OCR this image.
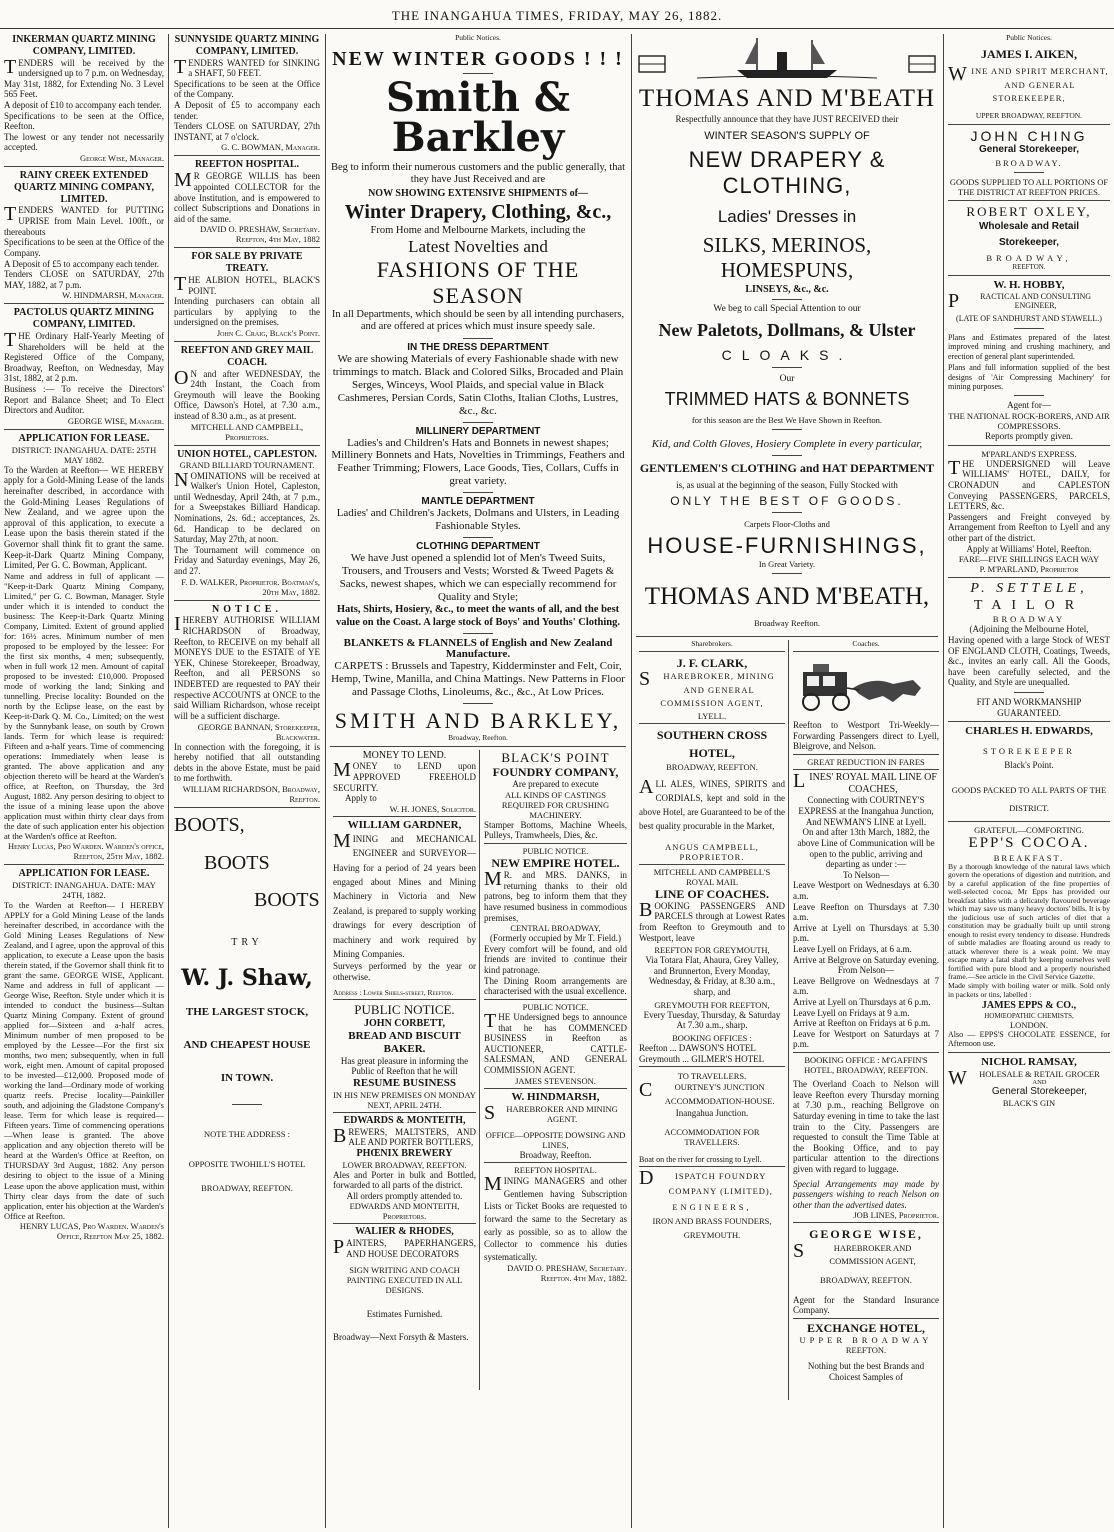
THE INANGAHUA TIMES, FRIDAY, MAY 26, 1882.
INKERMAN QUARTZ MINING COMPANY, LIMITED.
TENDERS will be received by the undersigned up to 7 p.m. on Wednesday, May 31st, 1882, for Extending No. 3 Level 565 Feet.
A deposit of £10 to accompany each tender.
Specifications to be seen at the Office, Reefton.
The lowest or any tender not necessarily accepted.
George Wise, Manager.
RAINY CREEK EXTENDED QUARTZ MINING COMPANY, LIMITED.
TENDERS WANTED for PUTTING UPRISE from Main Level. 100ft., or thereabouts
Specifications to be seen at the Office of the Company.
A Deposit of £5 to accompany each tender.
Tenders CLOSE on SATURDAY, 27th MAY, 1882, at 7 p.m.
W. HINDMARSH, Manager.
PACTOLUS QUARTZ MINING COMPANY, LIMITED.
THE Ordinary Half-Yearly Meeting of Shareholders will be held at the Registered Office of the Company, Broadway, Reefton, on Wednesday, May 31st, 1882, at 2 p.m.
Business :— To receive the Directors' Report and Balance Sheet; and To Elect Directors and Auditor.
GEORGE WISE, Manager.
APPLICATION FOR LEASE.
DISTRICT: INANGAHUA. DATE: 25TH MAY 1882.
To the Warden at Reefton— WE HEREBY apply for a Gold-Mining Lease of the lands hereinafter described, in accordance with the Gold-Mining Leases Regulations of New Zealand, and we agree upon the approval of this application, to execute a Lease upon the basis therein stated if the Governor shall think fit to grant the same. Keep-it-Dark Quartz Mining Company, Limited, Per G. C. Bowman, Applicant.
Name and address in full of applicant — "Keep-it-Dark Quartz Mining Company, Limited," per G. C. Bowman, Manager. Style under which it is intended to conduct the business: The Keep-it-Dark Quartz Mining Company, Limited. Extent of ground applied for: 16½ acres. Minimum number of men proposed to be employed by the lessee: For the first six months, 4 men; subsequently, when in full work 12 men. Amount of capital proposed to be invested: £10,000. Proposed mode of working the land; Sinking and tunnelling. Precise locality: Bounded on the north by the Eclipse lease, on the east by Keep-it-Dark Q. M. Co., Limited; on the west by the Sunnybank lease, on south by Crown lands. Term for which lease is required: Fifteen and a-half years. Time of commencing operations: Immediately when lease is granted. The above application and any objection thereto will be heard at the Warden's office, at Reefton, on Thursday, the 3rd August, 1882. Any person desiring to object to the issue of a mining lease upon the above application must within thirty clear days from the date of such application enter his objection at the Warden's office at Reefton.
Henry Lucas, Pro Warden. Warden's office, Reefton, 25th May, 1882.
APPLICATION FOR LEASE.
DISTRICT: INANGAHUA. DATE: MAY 24TH, 1882.
To the Warden at Reefton— I HEREBY APPLY for a Gold Mining Lease of the lands hereinafter described, in accordance with the Gold Mining Leases Regulations of New Zealand, and I agree, upon the approval of this application, to execute a Lease upon the basis therein stated, if the Governor shall think fit to grant the same. GEORGE WISE, Applicant. Name and address in full of applicant —George Wise, Reefton. Style under which it is intended to conduct the business—Sultan Quartz Mining Company. Extent of ground applied for—Sixteen and a-half acres. Minimum number of men proposed to be employed by the Lessee—For the first six months, two men; subsequently, when in full work, eight men. Amount of capital proposed to be invested—£12,000. Proposed mode of working the land—Ordinary mode of working quartz reefs. Precise locality—Painkiller south, and adjoining the Gladstone Company's lease. Term for which lease is required—Fifteen years. Time of commencing operations—When lease is granted. The above application and any objection thereto will be heard at the Warden's Office at Reefton, on THURSDAY 3rd August, 1882. Any person desiring to object to the issue of a Mining Lease upon the above application must, within Thirty clear days from the date of such application, enter his objection at the Warden's Office at Reefton.
HENRY LUCAS, Pro Warden. Warden's Office, Reefton May 25, 1882.
SUNNYSIDE QUARTZ MINING COMPANY, LIMITED.
TENDERS WANTED for SINKING a SHAFT, 50 FEET.
Specifications to be seen at the Office of the Company.
A Deposit of £5 to accompany each tender.
Tenders CLOSE on SATURDAY, 27th INSTANT, at 7 o'clock.
G. C. BOWMAN, Manager.
REEFTON HOSPITAL.
MR GEORGE WILLIS has been appointed COLLECTOR for the above Institution, and is empowered to collect Subscriptions and Donations in aid of the same.
DAVID O. PRESHAW, Secretary. Reefton, 4th May, 1882
FOR SALE BY PRIVATE TREATY.
THE ALBION HOTEL, BLACK'S POINT.
Intending purchasers can obtain all particulars by applying to the undersigned on the premises.
John C. Craig, Black's Point.
REEFTON AND GREY MAIL COACH.
ON and after WEDNESDAY, the 24th Instant, the Coach from Greymouth will leave the Booking Office, Dawson's Hotel, at 7.30 a.m., instead of 8.30 a.m., as at present.
MITCHELL AND CAMPBELL, Proprietors.
UNION HOTEL, CAPLESTON.
GRAND BILLIARD TOURNAMENT.
NOMINATIONS will be received at Walker's Union Hotel, Capleston, until Wednesday, April 24th, at 7 p.m., for a Sweepstakes Billiard Handicap. Nominations, 2s. 6d.; acceptances, 2s. 6d. Handicap to be declared on Saturday, May 27th, at noon.
The Tournament will commence on Friday and Saturday evenings, May 26, and 27.
F. D. WALKER, Proprietor. Boatman's, 20th May, 1882.
NOTICE.
IHEREBY AUTHORISE WILLIAM RICHARDSON of Broadway, Reefton, to RECEIVE on my behalf all MONEYS DUE to the ESTATE of YE YEK, Chinese Storekeeper, Broadway, Reefton, and all PERSONS so INDEBTED are requested to PAY their respective ACCOUNTS at ONCE to the said William Richardson, whose receipt will be a sufficient discharge.
GEORGE BANNAN, Storekeeper, Blackwater.
In connection with the foregoing, it is hereby notified that all outstanding debts in the above Estate, must be paid to me forthwith.
WILLIAM RICHARDSON, Broadway, Reefton.
BOOTS,
BOOTS
BOOTS
TRY
W. J. Shaw,
THE LARGEST STOCK,
AND CHEAPEST HOUSE
IN TOWN.
NOTE THE ADDRESS :
OPPOSITE TWOHILL'S HOTEL
BROADWAY, REEFTON.
Public Notices.
NEW WINTER GOODS ! ! !
Smith & Barkley
Beg to inform their numerous customers and the public generally, that they have Just Received and are
NOW SHOWING EXTENSIVE SHIPMENTS of—
Winter Drapery, Clothing, &c.,
From Home and Melbourne Markets, including the
Latest Novelties and
FASHIONS OF THE SEASON
In all Departments, which should be seen by all intending purchasers, and are offered at prices which must insure speedy sale.
IN THE DRESS DEPARTMENT
We are showing Materials of every Fashionable shade with new trimmings to match. Black and Colored Silks, Brocaded and Plain Serges, Winceys, Wool Plaids, and special value in Black Cashmeres, Persian Cords, Satin Cloths, Italian Cloths, Lustres, &c., &c.
MILLINERY DEPARTMENT
Ladies's and Children's Hats and Bonnets in newest shapes; Millinery Bonnets and Hats, Novelties in Trimmings, Feathers and Feather Trimming; Flowers, Lace Goods, Ties, Collars, Cuffs in great variety.
MANTLE DEPARTMENT
Ladies' and Children's Jackets, Dolmans and Ulsters, in Leading Fashionable Styles.
CLOTHING DEPARTMENT
We have Just opened a splendid lot of Men's Tweed Suits, Trousers, and Trousers and Vests; Worsted & Tweed Pagets & Sacks, newest shapes, which we can especially recommend for Quality and Style;
Hats, Shirts, Hosiery, &c., to meet the wants of all, and the best value on the Coast. A large stock of Boys' and Youths' Clothing.
BLANKETS & FLANNELS of English and New Zealand Manufacture.
CARPETS : Brussels and Tapestry, Kidderminster and Felt, Coir, Hemp, Twine, Manilla, and China Mattings. New Patterns in Floor and Passage Cloths, Linoleums, &c., &c., At Low Prices.
SMITH AND BARKLEY,
Broadway, Reefton.
MONEY TO LEND.
MONEY to LEND upon APPROVED FREEHOLD SECURITY.
Apply to
W. H. JONES, Solicitor.
WILLIAM GARDNER,
MINING and MECHANICAL ENGINEER and SURVEYOR—Having for a period of 24 years been engaged about Mines and Mining Machinery in Victoria and New Zealand, is prepared to supply working drawings for every description of machinery and work required by Mining Companies.
Surveys performed by the year or otherwise.
Address : Lower Shiels-street, Reefton.
PUBLIC NOTICE.
JOHN CORBETT,
BREAD AND BISCUIT BAKER.
Has great pleasure in informing the Public of Reefton that he will
RESUME BUSINESS
IN HIS NEW PREMISES ON MONDAY NEXT, APRIL 24TH.
EDWARDS & MONTEITH,
BREWERS, MALTSTERS, AND ALE AND PORTER BOTTLERS,
PHŒNIX BREWERY
LOWER BROADWAY, REEFTON.
Ales and Porter in bulk and Bottled, forwarded to all parts of the district.
All orders promptly attended to.
EDWARDS AND MONTEITH, Proprietors.
WALIER & RHODES,
PAINTERS, PAPERHANGERS, AND HOUSE DECORATORS
SIGN WRITING AND COACH PAINTING EXECUTED IN ALL DESIGNS.
Estimates Furnished.
Broadway—Next Forsyth & Masters.
BLACK'S POINT
FOUNDRY COMPANY,
Are prepared to execute
ALL KINDS OF CASTINGS REQUIRED FOR CRUSHING MACHINERY.
Stamper Bottoms, Machine Wheels, Pulleys, Tramwheels, Dies, &c.
PUBLIC NOTICE.
NEW EMPIRE HOTEL.
MR. and MRS. DANKS, in returning thanks to their old patrons, beg to inform them that they have resumed business in commodious premises,
CENTRAL BROADWAY,
(Formerly occupied by Mr T. Field.)
Every comfort will be found, and old friends are invited to continue their kind patronage.
The Dining Room arrangements are characterised with the usual excellence.
PUBLIC NOTICE.
THE Undersigned begs to announce that he has COMMENCED BUSINESS in Reefton as AUCTIONEER, CATTLE-SALESMAN, AND GENERAL COMMISSION AGENT.
JAMES STEVENSON.
W. HINDMARSH,
SHAREBROKER AND MINING AGENT.
OFFICE—OPPOSITE DOWSING AND LINES,
Broadway, Reefton.
REEFTON HOSPITAL.
MINING MANAGERS and other Gentlemen having Subscription Lists or Ticket Books are requested to forward the same to the Secretary as early as possible, so as to allow the Collector to commence his duties systematically.
DAVID O. PRESHAW, Secretary. Reefton. 4th May, 1882.
THOMAS AND M'BEATH
Respectfully announce that they have JUST RECEIVED their
WINTER SEASON'S SUPPLY OF
NEW DRAPERY & CLOTHING,
Ladies' Dresses in
SILKS, MERINOS, HOMESPUNS,
LINSEYS, &c., &c.
We beg to call Special Attention to our
New Paletots, Dollmans, & Ulster
CLOAKS.
Our
TRIMMED HATS & BONNETS
for this season are the Best We Have Shown in Reefton.
Kid, and Colth Gloves, Hosiery Complete in every particular,
GENTLEMEN'S CLOTHING and HAT DEPARTMENT
is, as usual at the beginning of the season, Fully Stocked with
ONLY THE BEST OF GOODS.
Carpets Floor-Cloths and
HOUSE-FURNISHINGS,
In Great Variety.
THOMAS AND M'BEATH,
Broadway Reefton.
Sharebrokers.
J. F. CLARK,
SHAREBROKER, MINING AND GENERAL COMMISSION AGENT,
LYELL.
SOUTHERN CROSS HOTEL,
BROADWAY, REEFTON.
ALL ALES, WINES, SPIRITS and CORDIALS, kept and sold in the above Hotel, are Guaranteed to be of the best quality procurable in the Market,
ANGUS CAMPBELL, PROPRIETOR.
MITCHELL AND CAMPBELL'S ROYAL MAIL
LINE OF COACHES.
BOOKING PASSENGERS AND PARCELS through at Lowest Rates from Reefton to Greymouth and to Westport, leave
REEFTON FOR GREYMOUTH,
Via Totara Flat, Ahaura, Grey Valley, and Brunnerton, Every Monday, Wednesday, & Friday, at 8.30 a.m., sharp, and
GREYMOUTH FOR REEFTON,
Every Tuesday, Thursday, & Saturday At 7.30 a.m., sharp.
BOOKING OFFICES :
Reefton ... DAWSON'S HOTEL
Greymouth ... GILMER'S HOTEL
TO TRAVELLERS.
COURTNEY'S JUNCTION ACCOMMODATION-HOUSE.
Inangahua Junction.
ACCOMMODATION FOR TRAVELLERS.
Boat on the river for crossing to Lyell.
DISPATCH FOUNDRY COMPANY (LIMITED),
ENGINEERS,
IRON AND BRASS FOUNDERS,
GREYMOUTH.
Coaches.
Reefton to Westport Tri-Weekly—Forwarding Passengers direct to Lyell, Bleigrove, and Nelson.
GREAT REDUCTION IN FARES
LINES' ROYAL MAIL LINE OF COACHES,
Connecting with COURTNEY'S EXPRESS at the Inangahua Junction, And NEWMAN'S LINE at Lyell.
On and after 13th March, 1882, the above Line of Communication will be open to the public, arriving and departing as under :—
To Nelson—
Leave Westport on Wednesdays at 6.30 a.m.
Leave Reefton on Thursdays at 7.30 a.m.
Arrive at Lyell on Thursdays at 5.30 p.m.
Leave Lyell on Fridays, at 6 a.m.
Arrive at Belgrove on Saturday evening.
From Nelson—
Leave Bellgrove on Wednesdays at 7 a.m.
Arrive at Lyell on Thursdays at 6 p.m.
Leave Lyell on Fridays at 9 a.m.
Arrive at Reefton on Fridays at 6 p.m.
Leave for Westport on Saturdays at 7 p.m.
BOOKING OFFICE : M'GAFFIN'S HOTEL, BROADWAY, REEFTON.
The Overland Coach to Nelson will leave Reefton every Thursday morning at 7.30 p.m., reaching Bellgrove on Saturday evening in time to take the last train to the City. Passengers are requested to consult the Time Table at the Booking Office, and to pay particular attention to the directions given with regard to luggage.
Special Arrangements may made by passengers wishing to reach Nelson on other than the advertised dates.
JOB LINES, Proprietor.
GEORGE WISE,
SHAREBROKER AND COMMISSION AGENT,
BROADWAY, REEFTON.
Agent for the Standard Insurance Company.
EXCHANGE HOTEL,
UPPER BROADWAY
REEFTON.
Nothing but the best Brands and Choicest Samples of
Public Notices.
JAMES I. AIKEN,
WINE AND SPIRIT MERCHANT, AND GENERAL STOREKEEPER,
UPPER BROADWAY, REEFTON.
JOHN CHING
General Storekeeper,
BROADWAY.
GOODS SUPPLIED TO ALL PORTIONS OF THE DISTRICT AT REEFTON PRICES.
ROBERT OXLEY,
Wholesale and Retail Storekeeper,
BROADWAY,
REEFTON.
W. H. HOBBY,
PRACTICAL AND CONSULTING ENGINEER,
(LATE OF SANDHURST AND STAWELL.)
Plans and Estimates prepared of the latest improved mining and crushing machinery, and erection of general plant superintended.
Plans and full information supplied of the best designs of 'Air Compressing Machinery' for mining purposes.
Agent for—
THE NATIONAL ROCK-BORERS, AND AIR COMPRESSORS.
Reports promptly given.
M'PARLAND'S EXPRESS.
THE UNDERSIGNED will Leave WILLIAMS' HOTEL, DAILY, for CRONADUN and CAPLESTON Conveying PASSENGERS, PARCELS, LETTERS, &c.
Passengers and Freight conveyed by Arrangement from Reefton to Lyell and any other part of the district.
Apply at Williams' Hotel, Reefton.
FARE—FIVE SHILLINGS EACH WAY
P. M'PARLAND, Proprietor
P. SETTELE,
TAILOR
BROADWAY
(Adjoining the Melbourne Hotel,
Having opened with a large Stock of WEST OF ENGLAND CLOTH, Coatings, Tweeds, &c., invites an early call. All the Goods, have been carefully selected, and the Quality, and Style are unequalled.
FIT AND WORKMANSHIP GUARANTEED.
CHARLES H. EDWARDS,
STOREKEEPER
Black's Point.
GOODS PACKED TO ALL PARTS OF THE DISTRICT.
GRATEFUL—COMFORTING.
EPP'S COCOA.
BREAKFAST.
By a thorough knowledge of the natural laws which govern the operations of digestion and nutrition, and by a careful application of the fine properties of well-selected cocoa, Mr Epps has provided our breakfast tables with a delicately flavoured beverage which may save us many heavy doctors' bills. It is by the judicious use of such articles of diet that a constitution may be gradually built up until strong enough to resist every tendency to disease. Hundreds of subtle maladies are floating around us ready to attack wherever there is a weak point. We may escape many a fatal shaft by keeping ourselves well fortified with pure blood and a properly nourished frame.—See article in the Civil Service Gazette.
Made simply with boiling water or milk. Sold only in packets or tins, labelled :
JAMES EPPS & CO.,
HOMŒOPATHIC CHEMISTS,
LONDON.
Also — EPPS'S CHOCOLATE ESSENCE, for Afternoon use.
NICHOL RAMSAY,
WHOLESALE & RETAIL GROCER
AND
General Storekeeper,
BLACK'S GIN
